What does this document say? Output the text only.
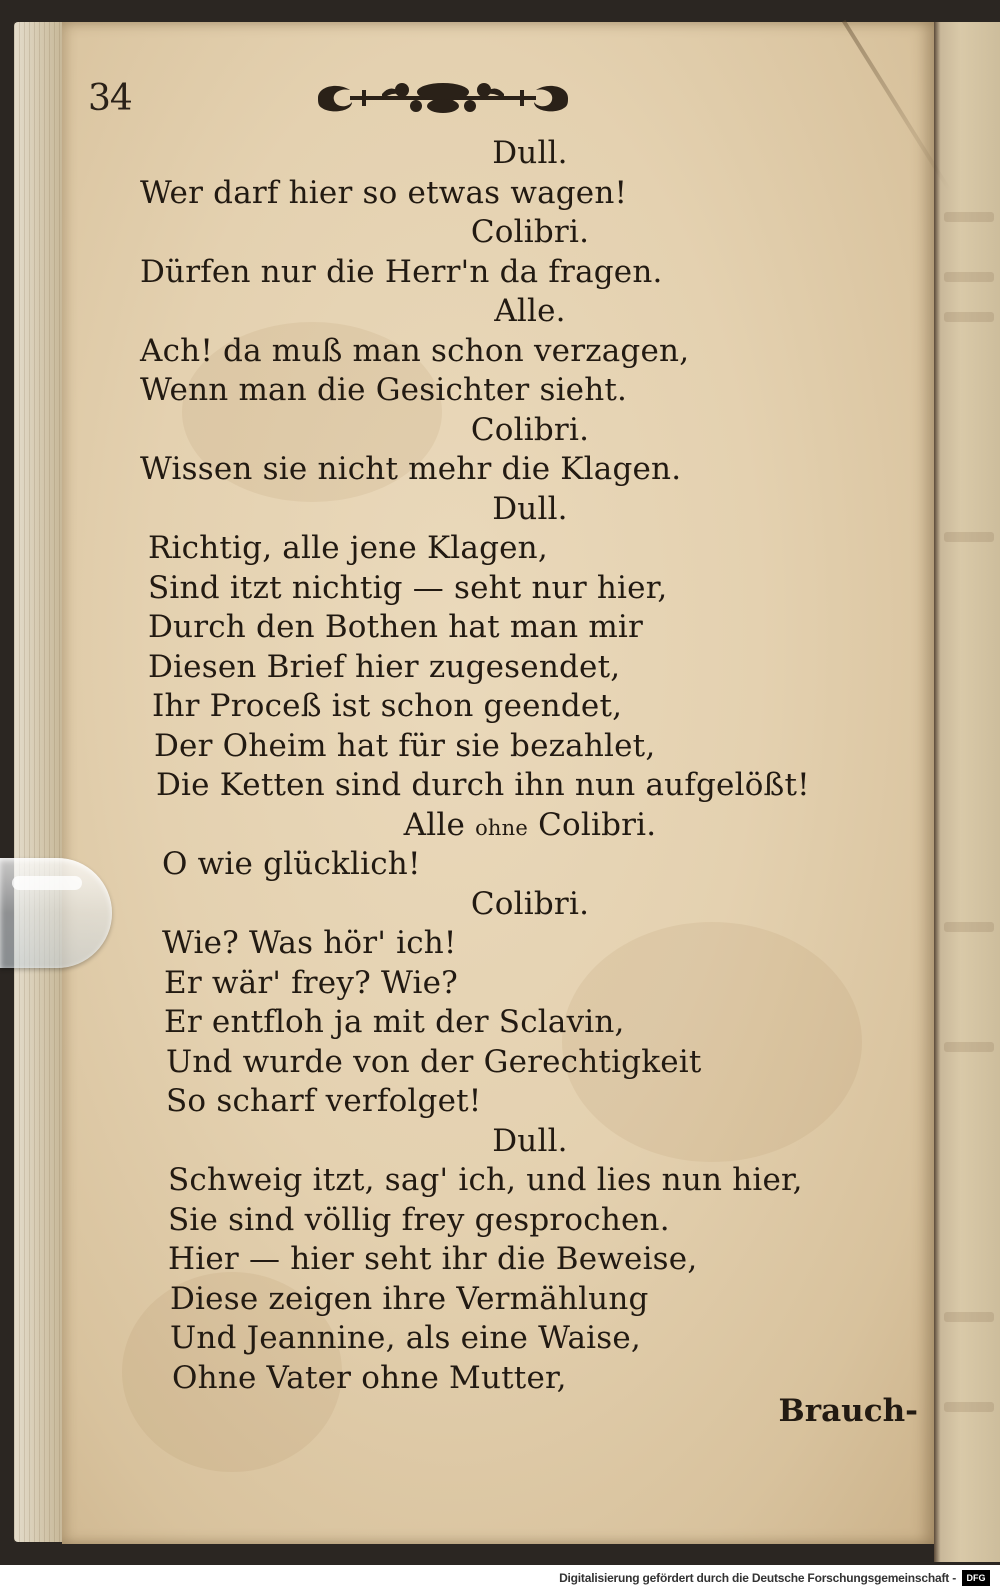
34
Dull.
Wer darf hier so etwas wagen!
Colibri.
Dürfen nur die Herr'n da fragen.
Alle.
Ach! da muß man schon verzagen,
Wenn man die Gesichter sieht.
Colibri.
Wissen sie nicht mehr die Klagen.
Dull.
Richtig, alle jene Klagen,
Sind itzt nichtig — seht nur hier,
Durch den Bothen hat man mir
Diesen Brief hier zugesendet,
Ihr Proceß ist schon geendet,
Der Oheim hat für sie bezahlet,
Die Ketten sind durch ihn nun aufgelößt!
Alle ohne Colibri.
O wie glücklich!
Colibri.
Wie? Was hör' ich!
Er wär' frey? Wie?
Er entfloh ja mit der Sclavin,
Und wurde von der Gerechtigkeit
So scharf verfolget!
Dull.
Schweig itzt, sag' ich, und lies nun hier,
Sie sind völlig frey gesprochen.
Hier — hier seht ihr die Beweise,
Diese zeigen ihre Vermählung
Und Jeannine, als eine Waise,
Ohne Vater ohne Mutter,
Brauch-
Digitalisierung gefördert durch die Deutsche Forschungsgemeinschaft -	DFG
